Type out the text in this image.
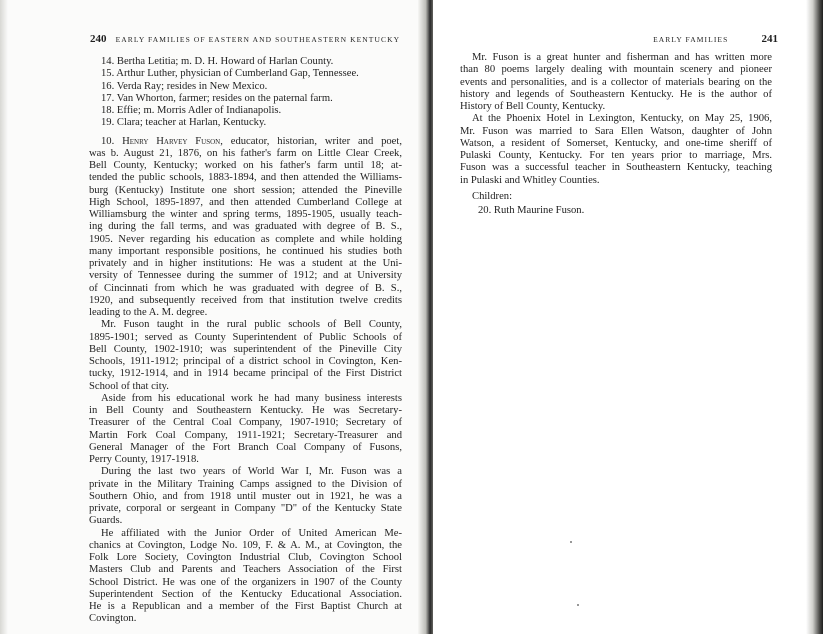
240 EARLY FAMILIES OF EASTERN AND SOUTHEASTERN KENTUCKY
14. Bertha Letitia; m. D. H. Howard of Harlan County.
15. Arthur Luther, physician of Cumberland Gap, Tennessee.
16. Verda Ray; resides in New Mexico.
17. Van Whorton, farmer; resides on the paternal farm.
18. Effie; m. Morris Adler of Indianapolis.
19. Clara; teacher at Harlan, Kentucky.
10. Henry Harvey Fuson, educator, historian, writer and poet,
was b. August 21, 1876, on his father's farm on Little Clear Creek,
Bell County, Kentucky; worked on his father's farm until 18; at-
tended the public schools, 1883-1894, and then attended the Williams-
burg (Kentucky) Institute one short session; attended the Pineville
High School, 1895-1897, and then attended Cumberland College at
Williamsburg the winter and spring terms, 1895-1905, usually teach-
ing during the fall terms, and was graduated with degree of B. S.,
1905. Never regarding his education as complete and while holding
many important responsible positions, he continued his studies both
privately and in higher institutions: He was a student at the Uni-
versity of Tennessee during the summer of 1912; and at University
of Cincinnati from which he was graduated with degree of B. S.,
1920, and subsequently received from that institution twelve credits
leading to the A. M. degree.
Mr. Fuson taught in the rural public schools of Bell County,
1895-1901; served as County Superintendent of Public Schools of
Bell County, 1902-1910; was superintendent of the Pineville City
Schools, 1911-1912; principal of a district school in Covington, Ken-
tucky, 1912-1914, and in 1914 became principal of the First District
School of that city.
Aside from his educational work he had many business interests
in Bell County and Southeastern Kentucky. He was Secretary-
Treasurer of the Central Coal Company, 1907-1910; Secretary of
Martin Fork Coal Company, 1911-1921; Secretary-Treasurer and
General Manager of the Fort Branch Coal Company of Fusons,
Perry County, 1917-1918.
During the last two years of World War I, Mr. Fuson was a
private in the Military Training Camps assigned to the Division of
Southern Ohio, and from 1918 until muster out in 1921, he was a
private, corporal or sergeant in Company "D" of the Kentucky State
Guards.
He affiliated with the Junior Order of United American Me-
chanics at Covington, Lodge No. 109, F. & A. M., at Covington, the
Folk Lore Society, Covington Industrial Club, Covington School
Masters Club and Parents and Teachers Association of the First
School District. He was one of the organizers in 1907 of the County
Superintendent Section of the Kentucky Educational Association.
He is a Republican and a member of the First Baptist Church at
Covington.
EARLY FAMILIES	241
Mr. Fuson is a great hunter and fisherman and has written more
than 80 poems largely dealing with mountain scenery and pioneer
events and personalities, and is a collector of materials bearing on the
history and legends of Southeastern Kentucky. He is the author of
History of Bell County, Kentucky.
At the Phoenix Hotel in Lexington, Kentucky, on May 25, 1906,
Mr. Fuson was married to Sara Ellen Watson, daughter of John
Watson, a resident of Somerset, Kentucky, and one-time sheriff of
Pulaski County, Kentucky. For ten years prior to marriage, Mrs.
Fuson was a successful teacher in Southeastern Kentucky, teaching
in Pulaski and Whitley Counties.
Children:
20. Ruth Maurine Fuson.
